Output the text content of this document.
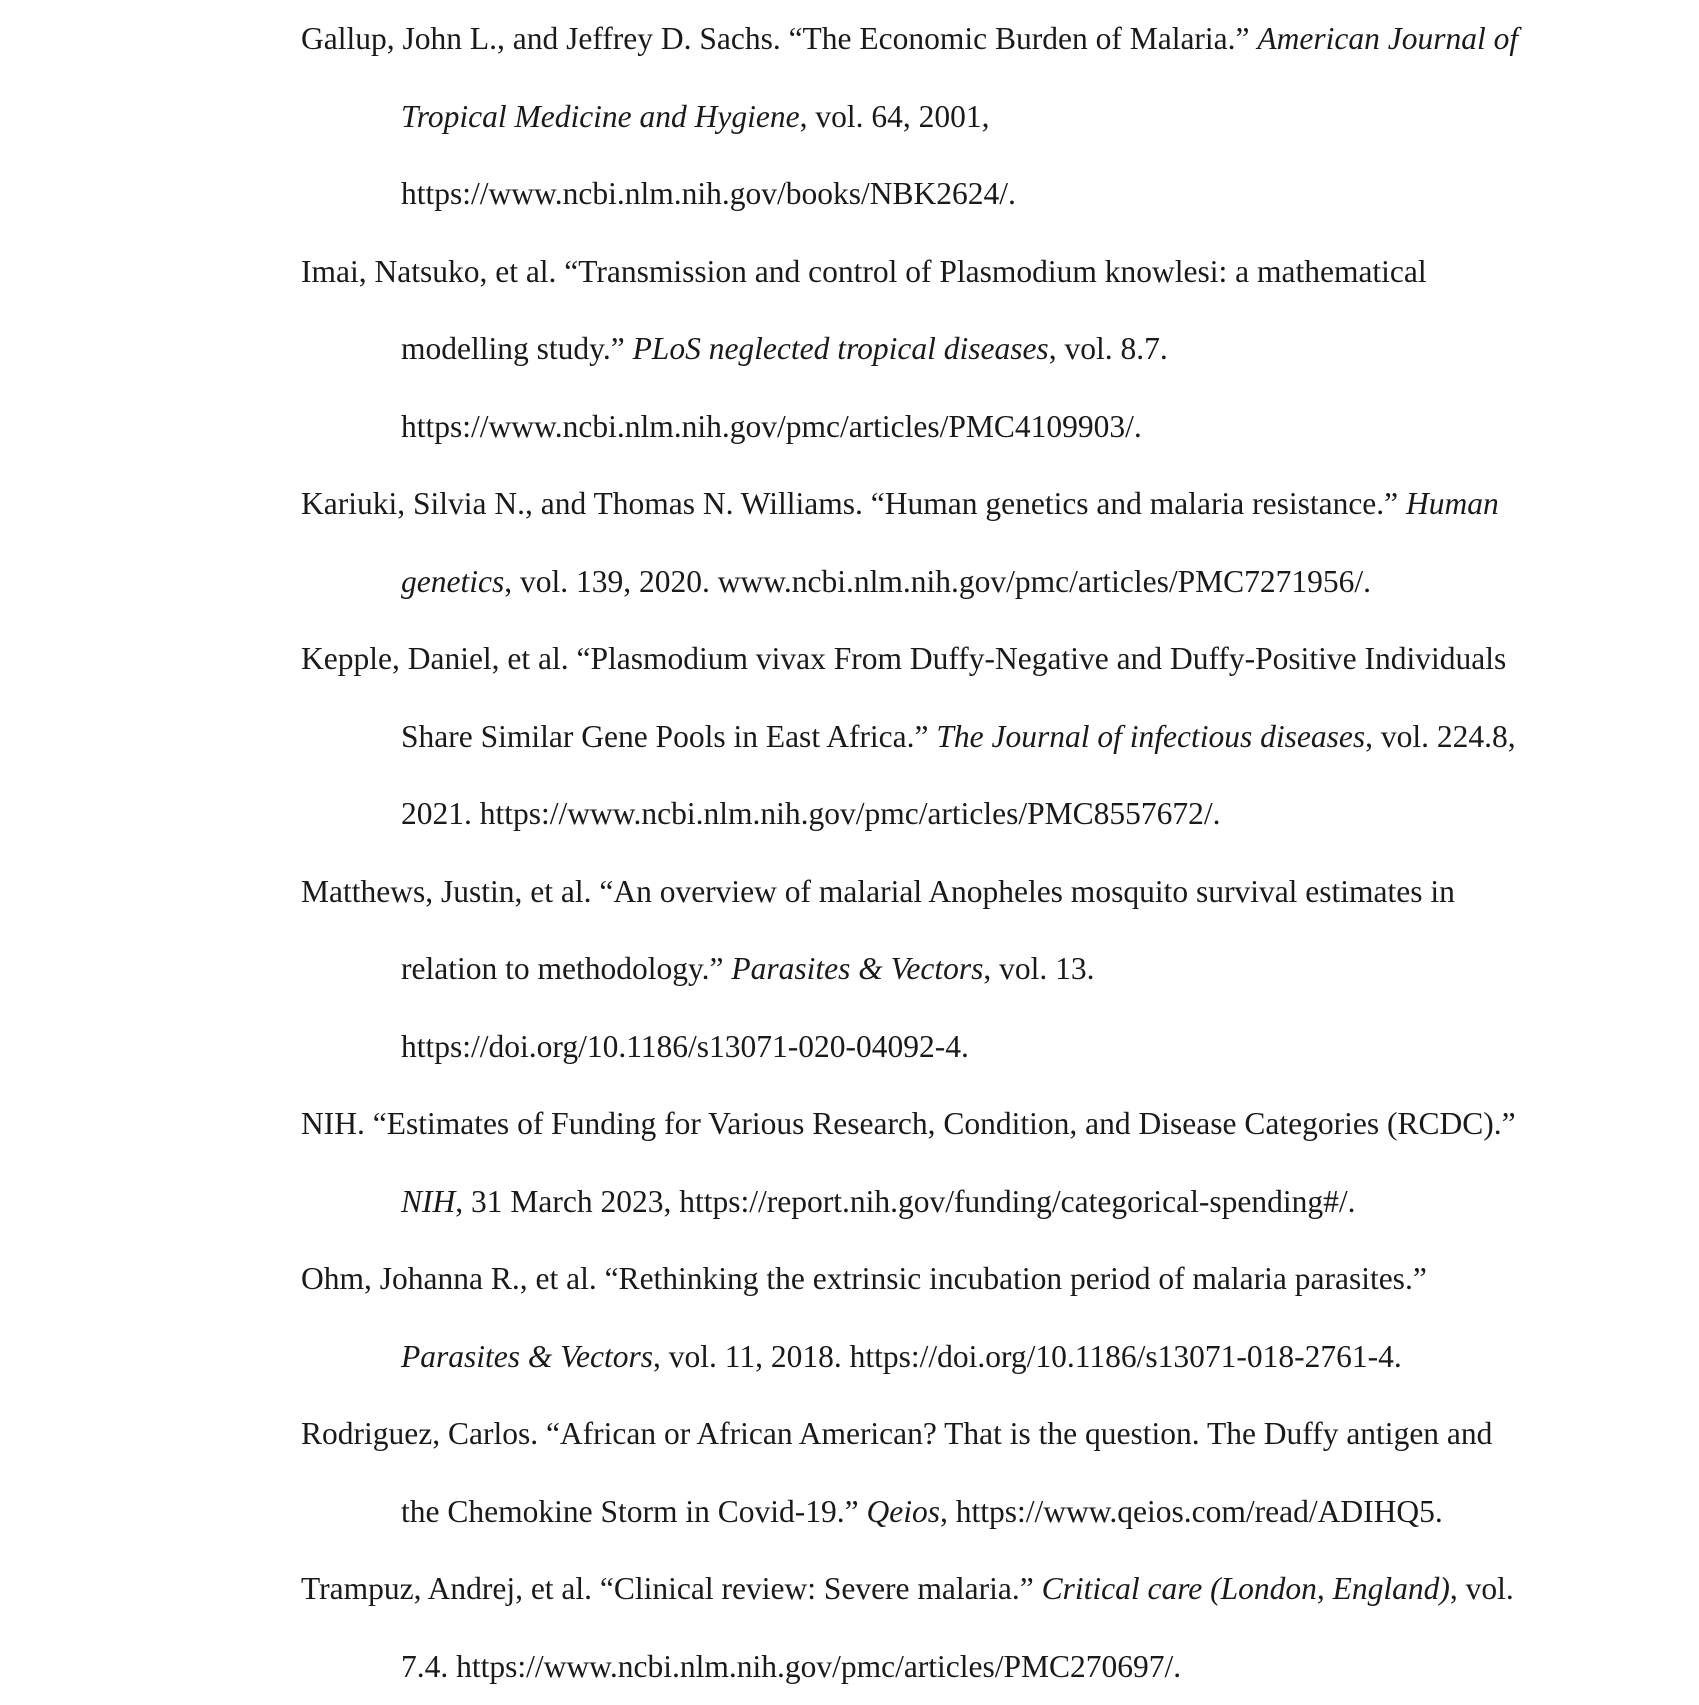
Gallup, John L., and Jeffrey D. Sachs. “The Economic Burden of Malaria.” American Journal of
Tropical Medicine and Hygiene, vol. 64, 2001,
https://www.ncbi.nlm.nih.gov/books/NBK2624/.
Imai, Natsuko, et al. “Transmission and control of Plasmodium knowlesi: a mathematical
modelling study.” PLoS neglected tropical diseases, vol. 8.7.
https://www.ncbi.nlm.nih.gov/pmc/articles/PMC4109903/.
Kariuki, Silvia N., and Thomas N. Williams. “Human genetics and malaria resistance.” Human
genetics, vol. 139, 2020. www.ncbi.nlm.nih.gov/pmc/articles/PMC7271956/.
Kepple, Daniel, et al. “Plasmodium vivax From Duffy-Negative and Duffy-Positive Individuals
Share Similar Gene Pools in East Africa.” The Journal of infectious diseases, vol. 224.8,
2021. https://www.ncbi.nlm.nih.gov/pmc/articles/PMC8557672/.
Matthews, Justin, et al. “An overview of malarial Anopheles mosquito survival estimates in
relation to methodology.” Parasites & Vectors, vol. 13.
https://doi.org/10.1186/s13071-020-04092-4.
NIH. “Estimates of Funding for Various Research, Condition, and Disease Categories (RCDC).”
NIH, 31 March 2023, https://report.nih.gov/funding/categorical-spending#/.
Ohm, Johanna R., et al. “Rethinking the extrinsic incubation period of malaria parasites.”
Parasites & Vectors, vol. 11, 2018. https://doi.org/10.1186/s13071-018-2761-4.
Rodriguez, Carlos. “African or African American? That is the question. The Duffy antigen and
the Chemokine Storm in Covid-19.” Qeios, https://www.qeios.com/read/ADIHQ5.
Trampuz, Andrej, et al. “Clinical review: Severe malaria.” Critical care (London, England), vol.
7.4. https://www.ncbi.nlm.nih.gov/pmc/articles/PMC270697/.
